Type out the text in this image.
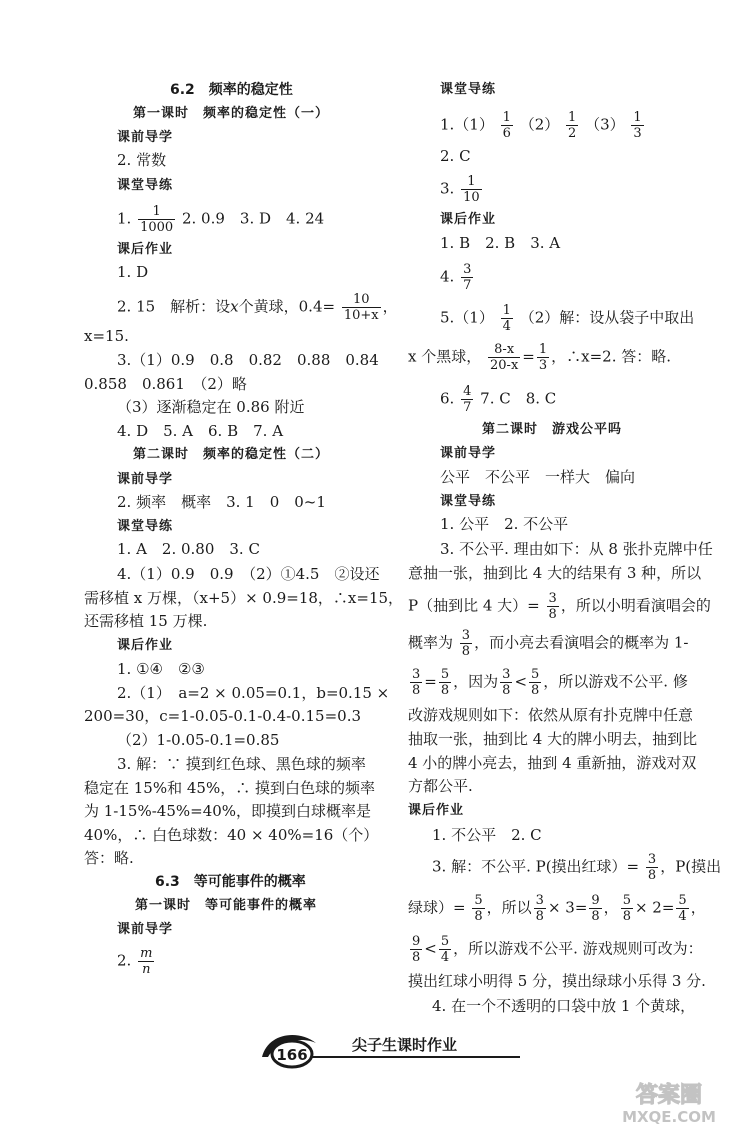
6.2　频率的稳定性
第一课时　频率的稳定性（一）
课前导学
2. 常数
课堂导练
1. $\frac{1}{1000} 2$. 0.9　3. D　4. 24
课后作业
1. D
2. 15　解析：设x个黄球，$0.4= \frac{10}{10+x}$ ，
x=15.
3.（1）0.9　0.8　0.82　0.88　0.84
0.858　0.861　（2）略
（3）逐渐稳定在 0.86 附近
4. D　5. A　6. B　7. A
第二课时　频率的稳定性（二）
课前导学
2. 频率　概率　3. 1　0　0~1
课堂导练
1. A　2. 0.80　3. C
4.（1）0.9　0.9　（2）①4.5　②设还
需移植 x 万棵，（x+5）× 0.9=18，∴x=15，
还需移植 15 万棵.
课后作业
1. ①④　②③
2.（1）　a=2 × 0.05=0.1，b=0.15 ×
200=30，c=1-0.05-0.1-0.4-0.15=0.3
（2）1-0.05-0.1=0.85
3. 解：∵ 摸到红色球、黑色球的频率
稳定在 15%和 45%，∴ 摸到白色球的频率
为 1-15%-45%=40%，即摸到白球概率是
40%，∴ 白色球数：40 × 40%=16（个）
答：略.
6.3　等可能事件的概率
第一课时　等可能事件的概率
课前导学
2. $\frac{m}{n}$
课堂导练
$1.(1) \frac{1}{6} (2) \frac{1}{2} (3) \frac{1}{3}$
2. C
3. $\frac{1}{10}$
课后作业
1. B　2. B　3. A
4. $\frac{3}{7}$
$5.(1) \frac{1}{4} (2)$解：设从袋子中取出
x 个黑球， $\frac{8-x}{20-x} = \frac{1}{3}$ ，∴x=2. 答：略.
6. $\frac{4}{7} 7$. C　8. C
第二课时　游戏公平吗
课前导学
公平　不公平　一样大　偏向
课堂导练
1. 公平　2. 不公平
3. 不公平. 理由如下：从 8 张扑克牌中任
意抽一张，抽到比 4 大的结果有 3 种，所以
P（抽到比 4 大）= $\frac{3}{8}$ ，所以小明看演唱会的
概率为 $\frac{3}{8}$ ，而小亮去看演唱会的概率为 1-
$\frac{3}{8} = \frac{5}{8}$ ，因为 $\frac{3}{8} < \frac{5}{8}$ ，所以游戏不公平. 修
改游戏规则如下：依然从原有扑克牌中任意
抽取一张，抽到比 4 大的牌小明去，抽到比
4 小的牌小亮去，抽到 4 重新抽，游戏对双
方都公平.
课后作业
1. 不公平　2. C
3. 解：不公平. P(摸出红球）= $\frac{3}{8}$ ，P(摸出
绿球）= $\frac{5}{8}$ ，所以 $\frac{3}{8} \times 3= \frac{9}{8}$ ， $\frac{5}{8} \times 2= \frac{5}{4}$ ，
$\frac{9}{8} < \frac{5}{4}$ ，所以游戏不公平. 游戏规则可改为：
摸出红球小明得 5 分，摸出绿球小乐得 3 分.
4. 在一个不透明的口袋中放 1 个黄球，
166
尖子生课时作业
答案圈
MXQE.COM
